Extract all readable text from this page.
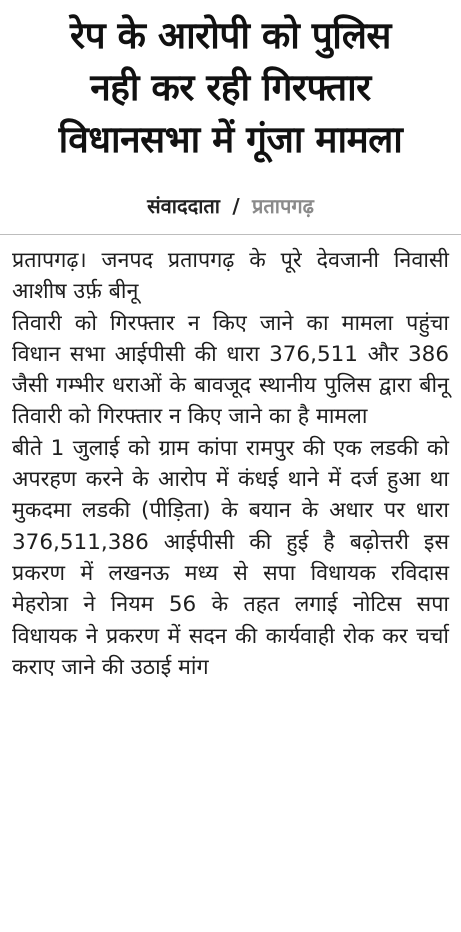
रेप के आरोपी को पुलिस
नही कर रही गिरफ्तार
विधानसभा में गूंजा मामला
संवाददाता / प्रतापगढ़

प्रतापगढ़। जनपद प्रतापगढ़ के पूरे देवजानी निवासी आशीष उर्फ़ बीनू

तिवारी को गिरफ्तार न किए जाने का मामला पहुंचा विधान सभा आईपीसी की धारा 376,511 और 386 जैसी गम्भीर धराओं के बावजूद स्थानीय पुलिस द्वारा बीनू तिवारी को गिरफ्तार न किए जाने का है मामला

बीते 1 जुलाई को ग्राम कांपा रामपुर की एक लडकी को अपरहण करने के आरोप में कंधई थाने में दर्ज हुआ था मुकदमा लडकी (पीड़िता) के बयान के अधार पर धारा 376,511,386 आईपीसी की हुई है बढ़ोत्तरी इस प्रकरण में लखनऊ मध्य से सपा विधायक रविदास मेहरोत्रा ने नियम 56 के तहत लगाई नोटिस सपा विधायक ने प्रकरण में सदन की कार्यवाही रोक कर चर्चा कराए जाने की उठाई मांग
